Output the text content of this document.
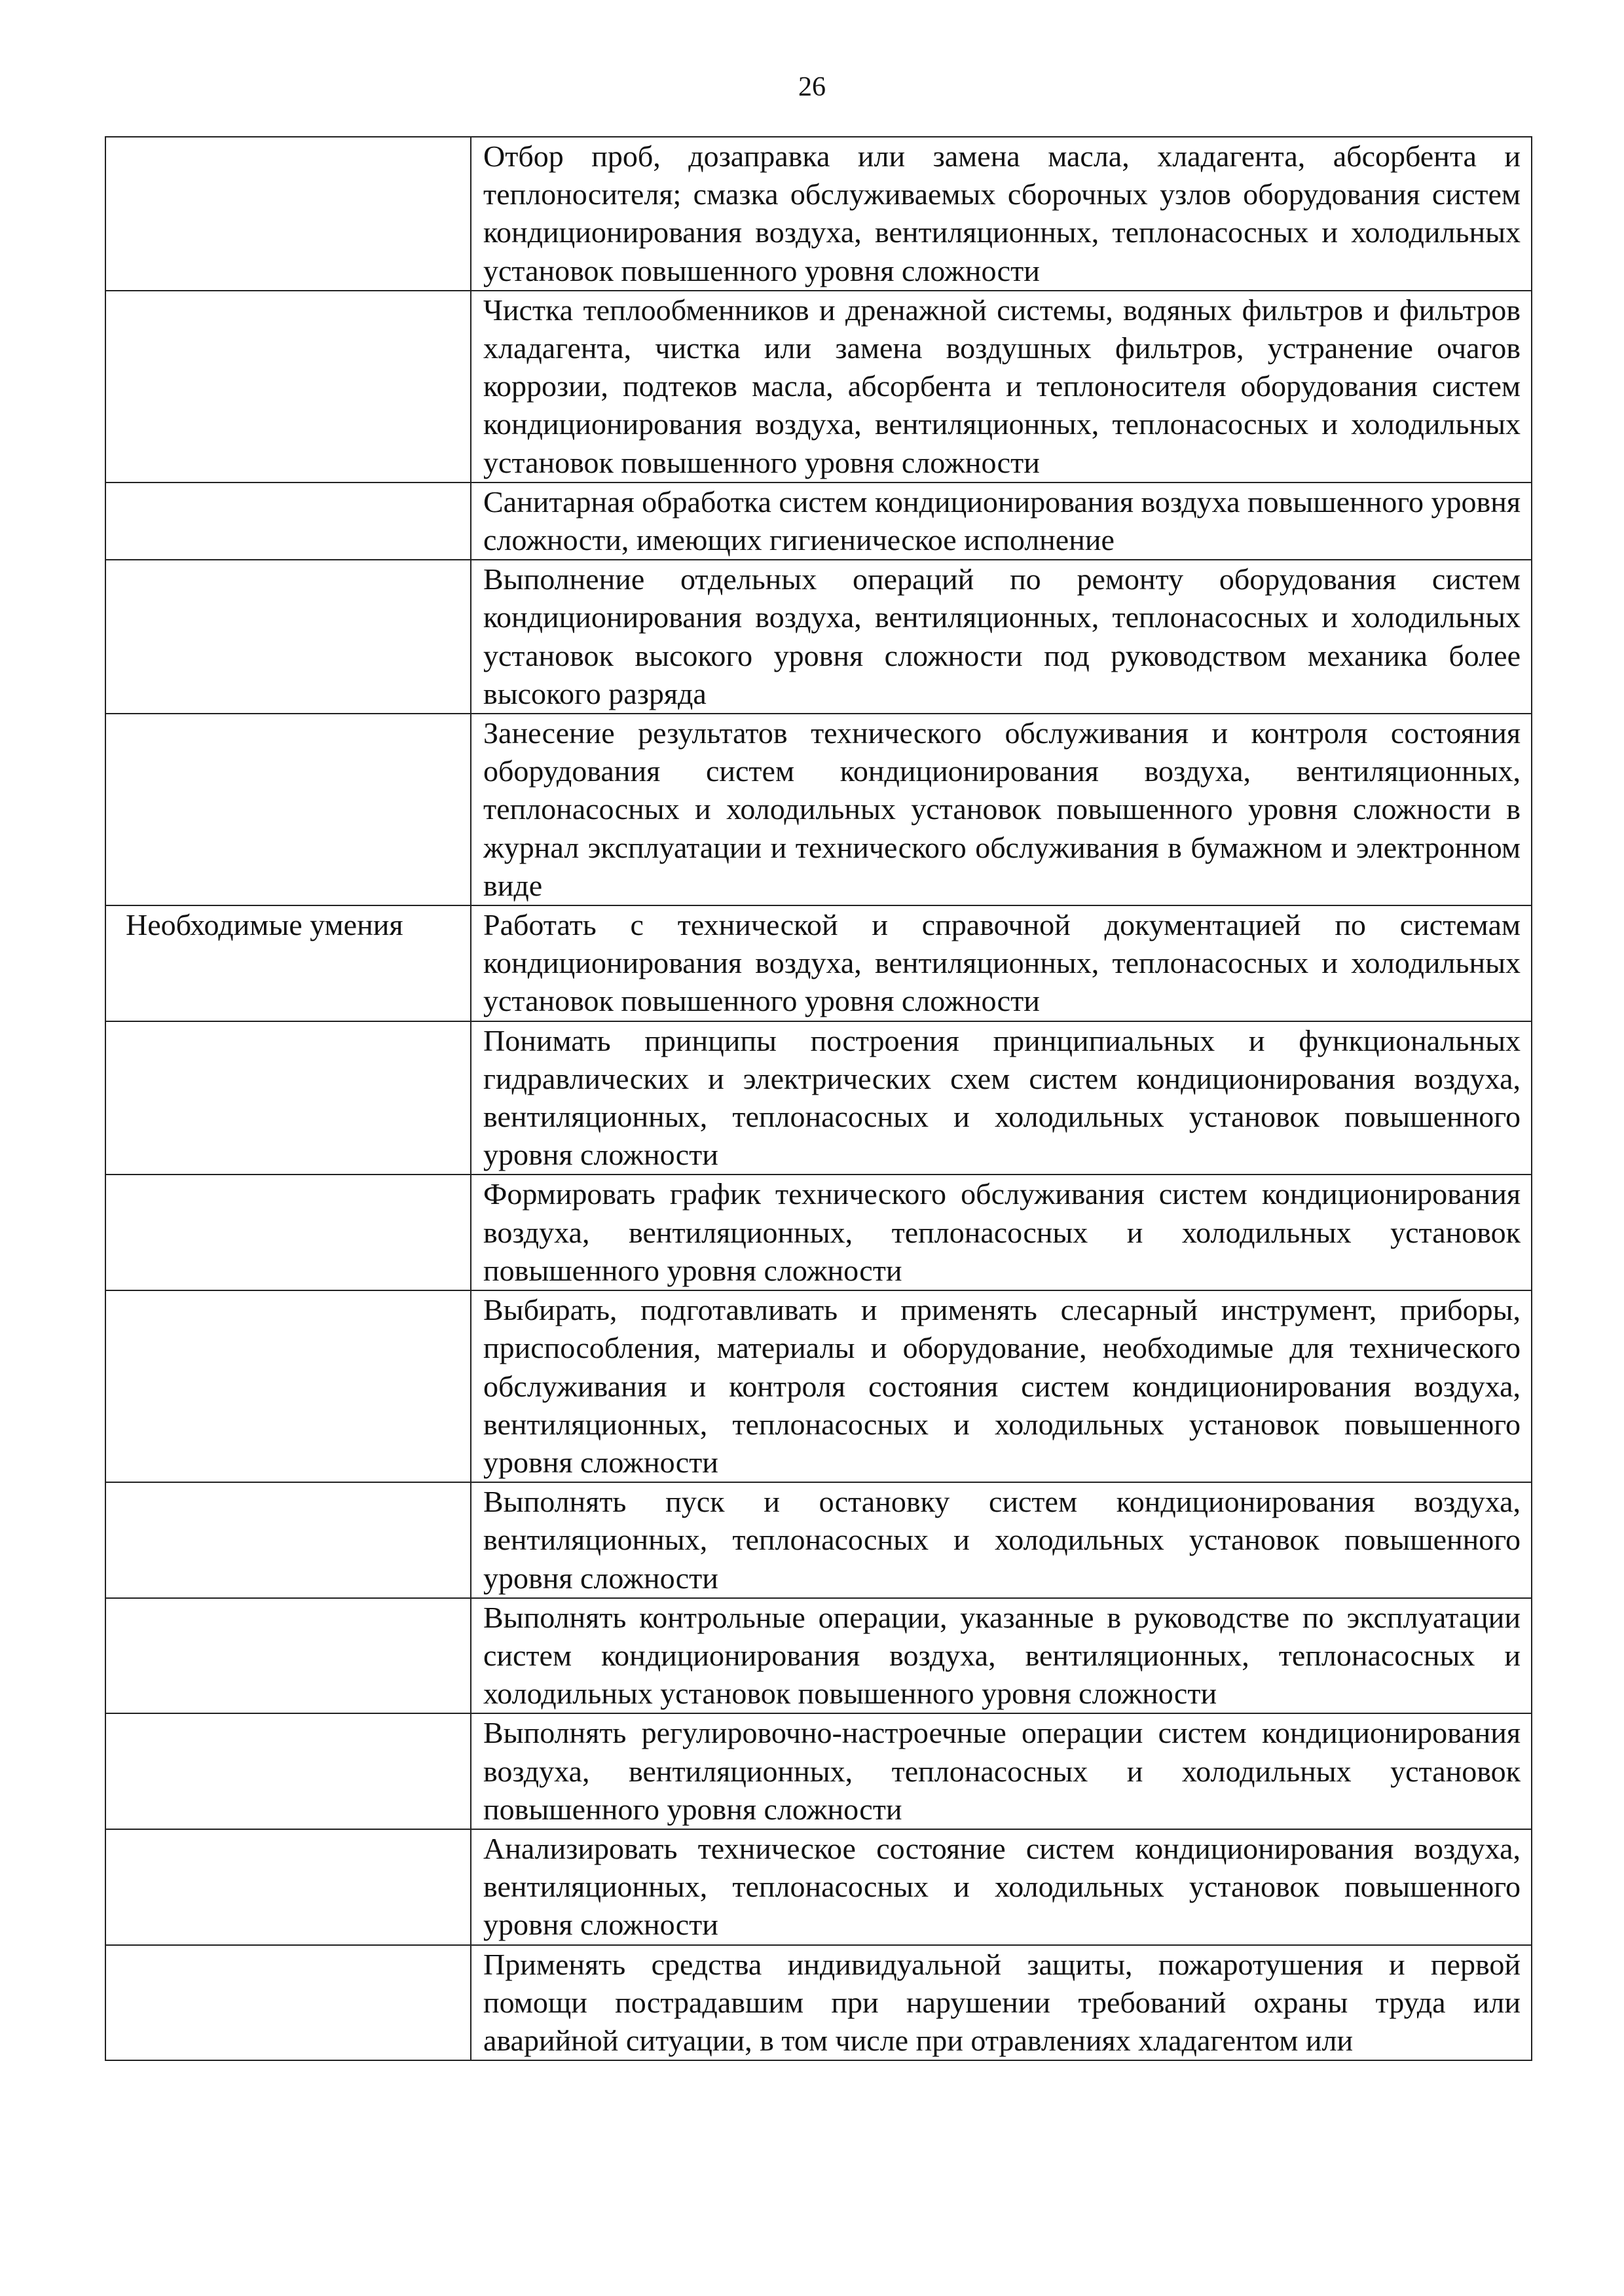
26
	Отбор проб, дозаправка или замена масла, хладагента, абсорбента и теплоносителя; смазка обслуживаемых сборочных узлов оборудования систем кондиционирования воздуха, вентиляционных, теплонасосных и холодильных установок повышенного уровня сложности
	Чистка теплообменников и дренажной системы, водяных фильтров и фильтров хладагента, чистка или замена воздушных фильтров, устранение очагов коррозии, подтеков масла, абсорбента и теплоносителя оборудования систем кондиционирования воздуха, вентиляционных, теплонасосных и холодильных установок повышенного уровня сложности
	Санитарная обработка систем кондиционирования воздуха повышенного уровня сложности, имеющих гигиеническое исполнение
	Выполнение отдельных операций по ремонту оборудования систем кондиционирования воздуха, вентиляционных, теплонасосных и холодильных установок высокого уровня сложности под руководством механика более высокого разряда
	Занесение результатов технического обслуживания и контроля состояния оборудования систем кондиционирования воздуха, вентиляционных, теплонасосных и холодильных установок повышенного уровня сложности в журнал эксплуатации и технического обслуживания в бумажном и электронном виде
Необходимые умения	Работать с технической и справочной документацией по системам кондиционирования воздуха, вентиляционных, теплонасосных и холодильных установок повышенного уровня сложности
	Понимать принципы построения принципиальных и функциональных гидравлических и электрических схем систем кондиционирования воздуха, вентиляционных, теплонасосных и холодильных установок повышенного уровня сложности
	Формировать график технического обслуживания систем кондиционирования воздуха, вентиляционных, теплонасосных и холодильных установок повышенного уровня сложности
	Выбирать, подготавливать и применять слесарный инструмент, приборы, приспособления, материалы и оборудование, необходимые для технического обслуживания и контроля состояния систем кондиционирования воздуха, вентиляционных, теплонасосных и холодильных установок повышенного уровня сложности
	Выполнять пуск и остановку систем кондиционирования воздуха, вентиляционных, теплонасосных и холодильных установок повышенного уровня сложности
	Выполнять контрольные операции, указанные в руководстве по эксплуатации систем кондиционирования воздуха, вентиляционных, теплонасосных и холодильных установок повышенного уровня сложности
	Выполнять регулировочно-настроечные операции систем кондиционирования воздуха, вентиляционных, теплонасосных и холодильных установок повышенного уровня сложности
	Анализировать техническое состояние систем кондиционирования воздуха, вентиляционных, теплонасосных и холодильных установок повышенного уровня сложности
	Применять средства индивидуальной защиты, пожаротушения и первой помощи пострадавшим при нарушении требований охраны труда или аварийной ситуации, в том числе при отравлениях хладагентом или
